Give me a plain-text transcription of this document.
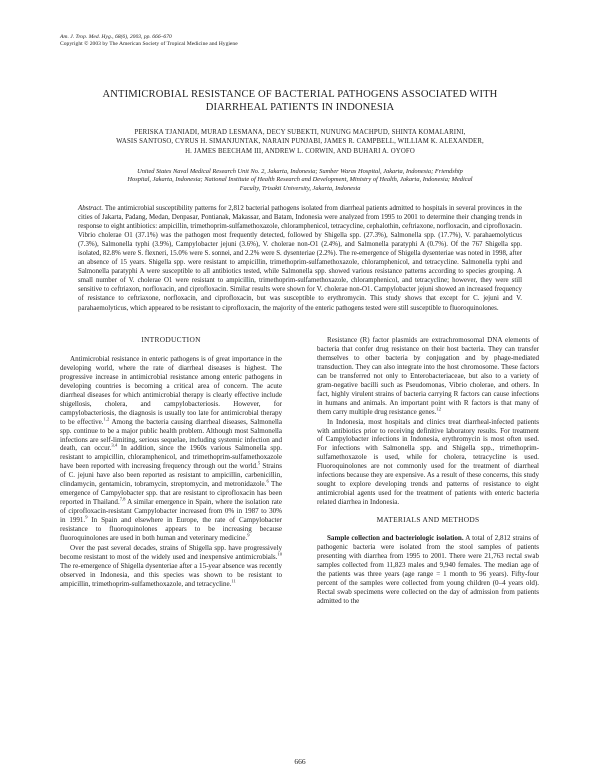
Am. J. Trop. Med. Hyg., 68(6), 2003, pp. 666–670
Copyright © 2003 by The American Society of Tropical Medicine and Hygiene
ANTIMICROBIAL RESISTANCE OF BACTERIAL PATHOGENS ASSOCIATED WITH
DIARRHEAL PATIENTS IN INDONESIA
PERISKA TJANIADI, MURAD LESMANA, DECY SUBEKTI, NUNUNG MACHPUD, SHINTA KOMALARINI,
WASIS SANTOSO, CYRUS H. SIMANJUNTAK, NARAIN PUNJABI, JAMES R. CAMPBELL, WILLIAM K. ALEXANDER,
H. JAMES BEECHAM III, ANDREW L. CORWIN, AND BUHARI A. OYOFO
United States Naval Medical Research Unit No. 2, Jakarta, Indonesia; Sumber Waras Hospital, Jakarta, Indonesia; Friendship
Hospital, Jakarta, Indonesia; National Institute of Health Research and Development, Ministry of Health, Jakarta, Indonesia; Medical
Faculty, Trisakti University, Jakarta, Indonesia
Abstract. The antimicrobial susceptibility patterns for 2,812 bacterial pathogens isolated from diarrheal patients admitted to hospitals in several provinces in the cities of Jakarta, Padang, Medan, Denpasar, Pontianak, Makassar, and Batam, Indonesia were analyzed from 1995 to 2001 to determine their changing trends in response to eight antibiotics: ampicillin, trimethoprim-sulfamethoxazole, chloramphenicol, tetracycline, cephalothin, ceftriaxone, norfloxacin, and ciprofloxacin. Vibrio cholerae O1 (37.1%) was the pathogen most frequently detected, followed by Shigella spp. (27.3%), Salmonella spp. (17.7%), V. parahaemolyticus (7.3%), Salmonella typhi (3.9%), Campylobacter jejuni (3.6%), V. cholerae non-O1 (2.4%), and Salmonella paratyphi A (0.7%). Of the 767 Shigella spp. isolated, 82.8% were S. flexneri, 15.0% were S. sonnei, and 2.2% were S. dysenteriae (2.2%). The re-emergence of Shigella dysenteriae was noted in 1998, after an absence of 15 years. Shigella spp. were resistant to ampicillin, trimethoprim-sulfamethoxazole, chloramphenicol, and tetracycline. Salmonella typhi and Salmonella paratyphi A were susceptible to all antibiotics tested, while Salmonella spp. showed various resistance patterns according to species grouping. A small number of V. cholerae O1 were resistant to ampicillin, trimethoprim-sulfamethoxazole, chloramphenicol, and tetracycline; however, they were still sensitive to ceftriaxon, norfloxacin, and ciprofloxacin. Similar results were shown for V. cholerae non-O1. Campylobacter jejuni showed an increased frequency of resistance to ceftriaxone, norfloxacin, and ciprofloxacin, but was susceptible to erythromycin. This study shows that except for C. jejuni and V. parahaemolyticus, which appeared to be resistant to ciprofloxacin, the majority of the enteric pathogens tested were still susceptible to fluoroquinolones.
INTRODUCTION

Antimicrobial resistance in enteric pathogens is of great importance in the developing world, where the rate of diarrheal diseases is highest. The progressive increase in antimicrobial resistance among enteric pathogens in developing countries is becoming a critical area of concern. The acute diarrheal diseases for which antimicrobial therapy is clearly effective include shigellosis, cholera, and campylobacteriosis. However, for campylobacteriosis, the diagnosis is usually too late for antimicrobial therapy to be effective.$^{1,2}$ Among the bacteria causing diarrheal diseases, Salmonella spp. continue to be a major public health problem. Although most Salmonella infections are self-limiting, serious sequelae, including systemic infection and death, can occur.$^{3,4}$ In addition, since the 1960s various Salmonella spp. resistant to ampicillin, chloramphenicol, and trimethoprim-sulfamethoxazole have been reported with increasing frequency through out the world.$^5$ Strains of C. jejuni have also been reported as resistant to ampicillin, carbenicillin, clindamycin, gentamicin, tobramycin, streptomycin, and metronidazole.$^6$ The emergence of Campylobacter spp. that are resistant to ciprofloxacin has been reported in Thailand.$^{7,8}$ A similar emergence in Spain, where the isolation rate of ciprofloxacin-resistant Campylobacter increased from 0% in 1987 to 30% in 1991.$^9$ In Spain and elsewhere in Europe, the rate of Campylobacter resistance to fluoroquinolones appears to be increasing because fluoroquinolones are used in both human and veterinary medicine.$^9$

Over the past several decades, strains of Shigella spp. have progressively become resistant to most of the widely used and inexpensive antimicrobials.$^{10}$ The re-emergence of Shigella dysenteriae after a 15-year absence was recently observed in Indonesia, and this species was shown to be resistant to ampicillin, trimethoprim-sulfamethoxazole, and tetracycline.$^{11}$

Resistance (R) factor plasmids are extrachromosomal DNA elements of bacteria that confer drug resistance on their host bacteria. They can transfer themselves to other bacteria by conjugation and by phage-mediated transduction. They can also integrate into the host chromosome. These factors can be transferred not only to Enterobacteriaceae, but also to a variety of gram-negative bacilli such as Pseudomonas, Vibrio cholerae, and others. In fact, highly virulent strains of bacteria carrying R factors can cause infections in humans and animals. An important point with R factors is that many of them carry multiple drug resistance genes.$^{12}$

In Indonesia, most hospitals and clinics treat diarrheal-infected patients with antibiotics prior to receiving definitive laboratory results. For treatment of Campylobacter infections in Indonesia, erythromycin is most often used. For infections with Salmonella spp. and Shigella spp., trimethoprim-sulfamethoxazole is used, while for cholera, tetracycline is used. Fluoroquinolones are not commonly used for the treatment of diarrheal infections because they are expensive. As a result of these concerns, this study sought to explore developing trends and patterns of resistance to eight antimicrobial agents used for the treatment of patients with enteric bacteria related diarrhea in Indonesia.

MATERIALS AND METHODS

Sample collection and bacteriologic isolation. A total of 2,812 strains of pathogenic bacteria were isolated from the stool samples of patients presenting with diarrhea from 1995 to 2001. There were 21,763 rectal swab samples collected from 11,823 males and 9,940 females. The median age of the patients was three years (age range = 1 month to 96 years). Fifty-four percent of the samples were collected from young children (0–4 years old). Rectal swab specimens were collected on the day of admission from patients admitted to the

666
